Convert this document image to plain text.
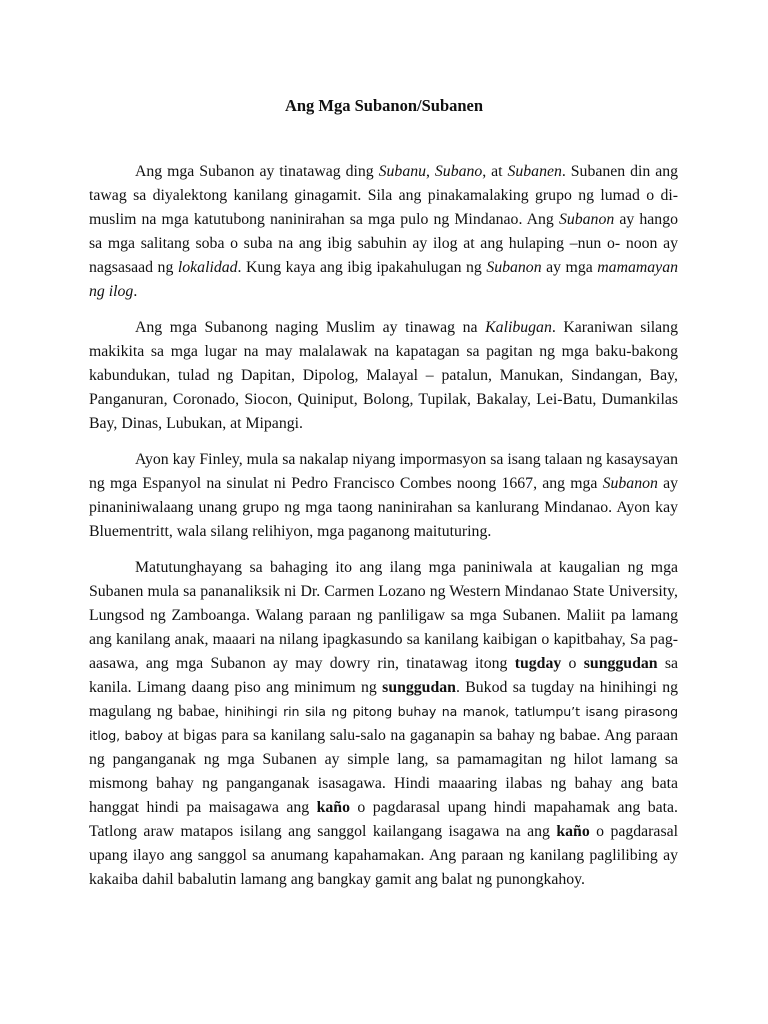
Ang Mga Subanon/Subanen

Ang mga Subanon ay tinatawag ding Subanu, Subano, at Subanen. Subanen din ang tawag sa diyalektong kanilang ginagamit. Sila ang pinakamalaking grupo ng lumad o di-muslim na mga katutubong naninirahan sa mga pulo ng Mindanao. Ang Subanon ay hango sa mga salitang soba o suba na ang ibig sabuhin ay ilog at ang hulaping –nun o- noon ay nagsasaad ng lokalidad. Kung kaya ang ibig ipakahulugan ng Subanon ay mga mamamayan ng ilog.

Ang mga Subanong naging Muslim ay tinawag na Kalibugan. Karaniwan silang makikita sa mga lugar na may malalawak na kapatagan sa pagitan ng mga baku-bakong kabundukan, tulad ng Dapitan, Dipolog, Malayal – patalun, Manukan, Sindangan, Bay, Panganuran, Coronado, Siocon, Quiniput, Bolong, Tupilak, Bakalay, Lei-Batu, Dumankilas Bay, Dinas, Lubukan, at Mipangi.

Ayon kay Finley, mula sa nakalap niyang impormasyon sa isang talaan ng kasaysayan ng mga Espanyol na sinulat ni Pedro Francisco Combes noong 1667, ang mga Subanon ay pinaniniwalaang unang grupo ng mga taong naninirahan sa kanlurang Mindanao. Ayon kay Bluementritt, wala silang relihiyon, mga paganong maituturing.

Matutunghayang sa bahaging ito ang ilang mga paniniwala at kaugalian ng mga Subanen mula sa pananaliksik ni Dr. Carmen Lozano ng Western Mindanao State University, Lungsod ng Zamboanga. Walang paraan ng panliligaw sa mga Subanen. Maliit pa lamang ang kanilang anak, maaari na nilang ipagkasundo sa kanilang kaibigan o kapitbahay, Sa pag- aasawa, ang mga Subanon ay may dowry rin, tinatawag itong tugday o sunggudan sa kanila. Limang daang piso ang minimum ng sunggudan. Bukod sa tugday na hinihingi ng magulang ng babae, hinihingi rin sila ng pitong buhay na manok, tatlumpu’t isang pirasong itlog, baboy at bigas para sa kanilang salu-salo na gaganapin sa bahay ng babae. Ang paraan ng panganganak ng mga Subanen ay simple lang, sa pamamagitan ng hilot lamang sa mismong bahay ng panganganak isasagawa. Hindi maaaring ilabas ng bahay ang bata hanggat hindi pa maisagawa ang kaño o pagdarasal upang hindi mapahamak ang bata. Tatlong araw matapos isilang ang sanggol kailangang isagawa na ang kaño o pagdarasal upang ilayo ang sanggol sa anumang kapahamakan. Ang paraan ng kanilang paglilibing ay kakaiba dahil babalutin lamang ang bangkay gamit ang balat ng punongkahoy.
